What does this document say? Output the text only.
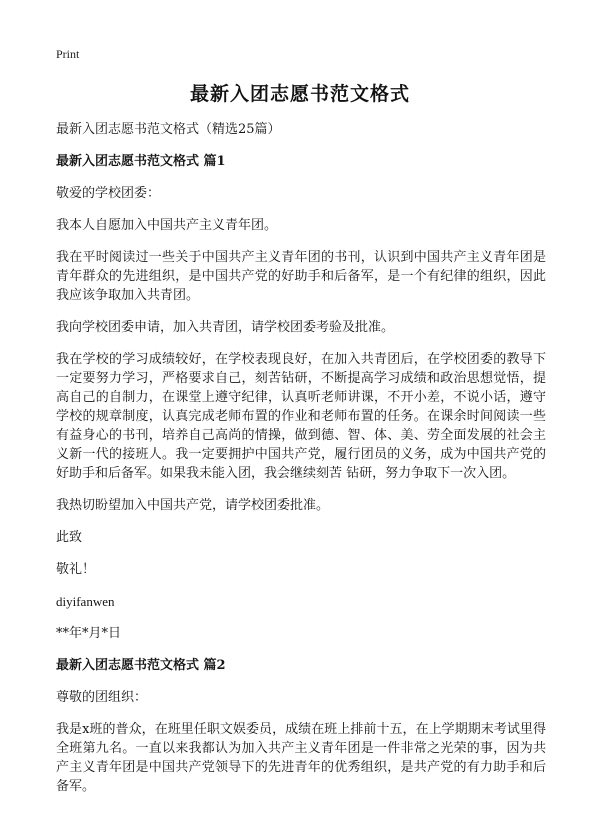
Print
最新入团志愿书范文格式

最新入团志愿书范文格式（精选25篇）

最新入团志愿书范文格式 篇1

敬爱的学校团委：

我本人自愿加入中国共产主义青年团。

我在平时阅读过一些关于中国共产主义青年团的书刊，认识到中国共产主义青年团是青年群众的先进组织，是中国共产党的好助手和后备军，是一个有纪律的组织，因此我应该争取加入共青团。

我向学校团委申请，加入共青团，请学校团委考验及批准。

我在学校的学习成绩较好，在学校表现良好，在加入共青团后，在学校团委的教导下一定要努力学习，严格要求自己，刻苦钻研，不断提高学习成绩和政治思想觉悟，提高自己的自制力，在课堂上遵守纪律，认真听老师讲课，不开小差，不说小话，遵守学校的规章制度，认真完成老师布置的作业和老师布置的任务。在课余时间阅读一些有益身心的书刊，培养自己高尚的情操，做到德、智、体、美、劳全面发展的社会主义新一代的接班人。我一定要拥护中国共产党，履行团员的义务，成为中国共产党的好助手和后备军。如果我未能入团，我会继续刻苦 钻研，努力争取下一次入团。

我热切盼望加入中国共产党，请学校团委批准。

此致

敬礼！

diyifanwen

**年*月*日

最新入团志愿书范文格式 篇2

尊敬的团组织：

我是x班的普众，在班里任职文娱委员，成绩在班上排前十五，在上学期期末考试里得全班第九名。一直以来我都认为加入共产主义青年团是一件非常之光荣的事，因为共产主义青年团是中国共产党领导下的先进青年的优秀组织，是共产党的有力助手和后备军。
